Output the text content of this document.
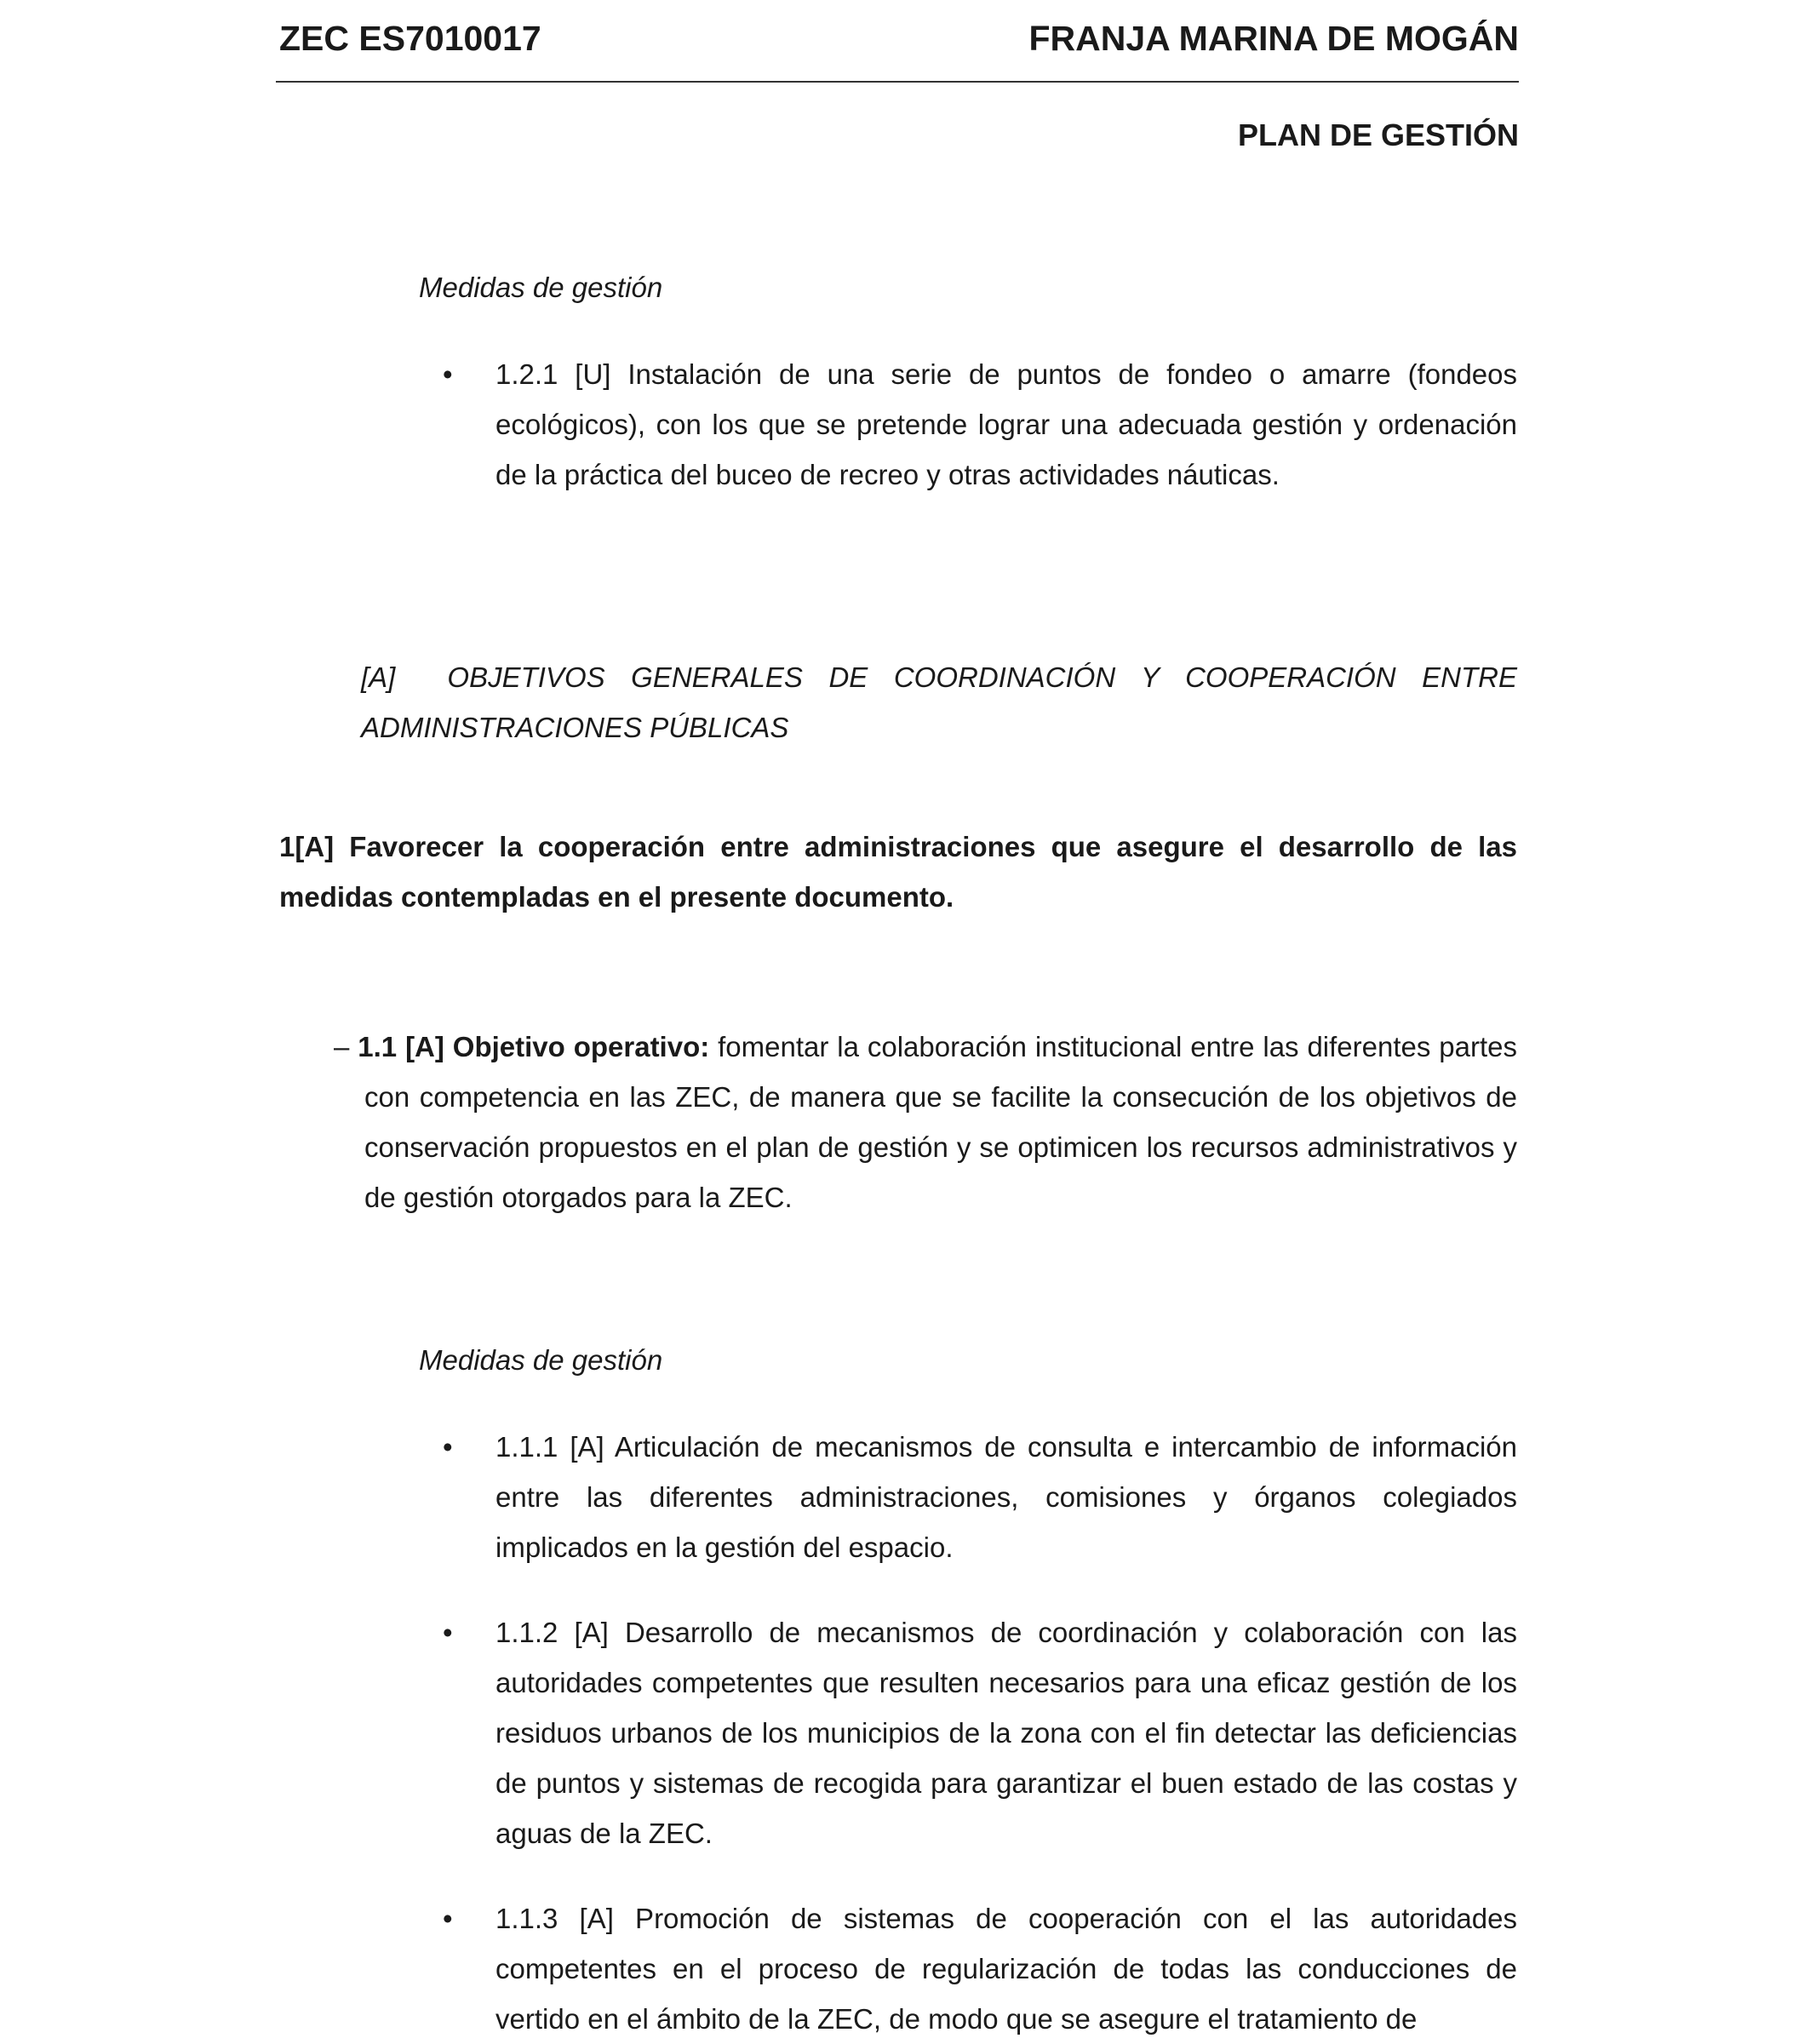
ZEC ES7010017	FRANJA MARINA DE MOGÁN
PLAN DE GESTIÓN

Medidas de gestión

• 1.2.1 [U] Instalación de una serie de puntos de fondeo o amarre (fondeos ecológicos), con los que se pretende lograr una adecuada gestión y ordenación de la práctica del buceo de recreo y otras actividades náuticas.

[A]  OBJETIVOS GENERALES DE COORDINACIÓN Y COOPERACIÓN ENTRE ADMINISTRACIONES PÚBLICAS

1[A] Favorecer la cooperación entre administraciones que asegure el desarrollo de las medidas contempladas en el presente documento.

– 1.1 [A] Objetivo operativo: fomentar la colaboración institucional entre las diferentes partes con competencia en las ZEC, de manera que se facilite la consecución de los objetivos de conservación propuestos en el plan de gestión y se optimicen los recursos administrativos y de gestión otorgados para la ZEC.

Medidas de gestión

• 1.1.1 [A] Articulación de mecanismos de consulta e intercambio de información entre las diferentes administraciones, comisiones y órganos colegiados implicados en la gestión del espacio.

• 1.1.2 [A] Desarrollo de mecanismos de coordinación y colaboración con las autoridades competentes que resulten necesarios para una eficaz gestión de los residuos urbanos de los municipios de la zona con el fin detectar las deficiencias de puntos y sistemas de recogida para garantizar el buen estado de las costas y aguas de la ZEC.

• 1.1.3 [A] Promoción de sistemas de cooperación con el las autoridades competentes en el proceso de regularización de todas las conducciones de vertido en el ámbito de la ZEC, de modo que se asegure el tratamiento de
